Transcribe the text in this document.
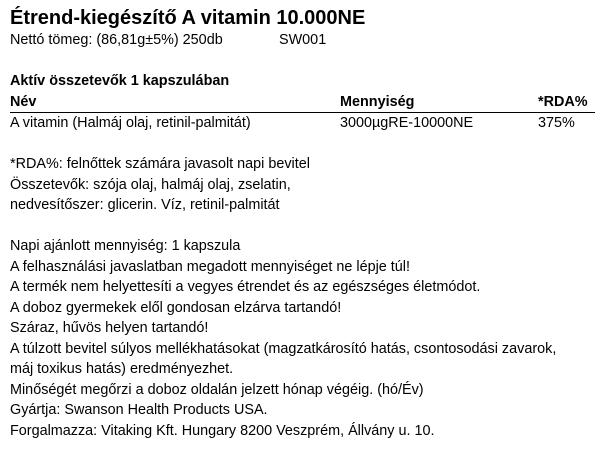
Étrend-kiegészítő A vitamin 10.000NE
Nettó tömeg: (86,81g±5%) 250db	SW001
Aktív összetevők 1 kapszulában
Név	Mennyiség	*RDA%
A vitamin (Halmáj olaj, retinil-palmitát)	3000µgRE-10000NE	375%
*RDA%: felnőttek számára javasolt napi bevitel
Összetevők: szója olaj, halmáj olaj, zselatin,
nedvesítőszer: glicerin. Víz, retinil-palmitát
Napi ajánlott mennyiség: 1 kapszula
A felhasználási javaslatban megadott mennyiséget ne lépje túl!
A termék nem helyettesíti a vegyes étrendet és az egészséges életmódot.
A doboz gyermekek elől gondosan elzárva tartandó!
Száraz, hűvös helyen tartandó!
A túlzott bevitel súlyos mellékhatásokat (magzatkárosító hatás, csontosodási zavarok,
máj toxikus hatás) eredményezhet.
Minőségét megőrzi a doboz oldalán jelzett hónap végéig. (hó/Év)
Gyártja: Swanson Health Products USA.
Forgalmazza: Vitaking Kft. Hungary 8200 Veszprém, Állvány u. 10.
